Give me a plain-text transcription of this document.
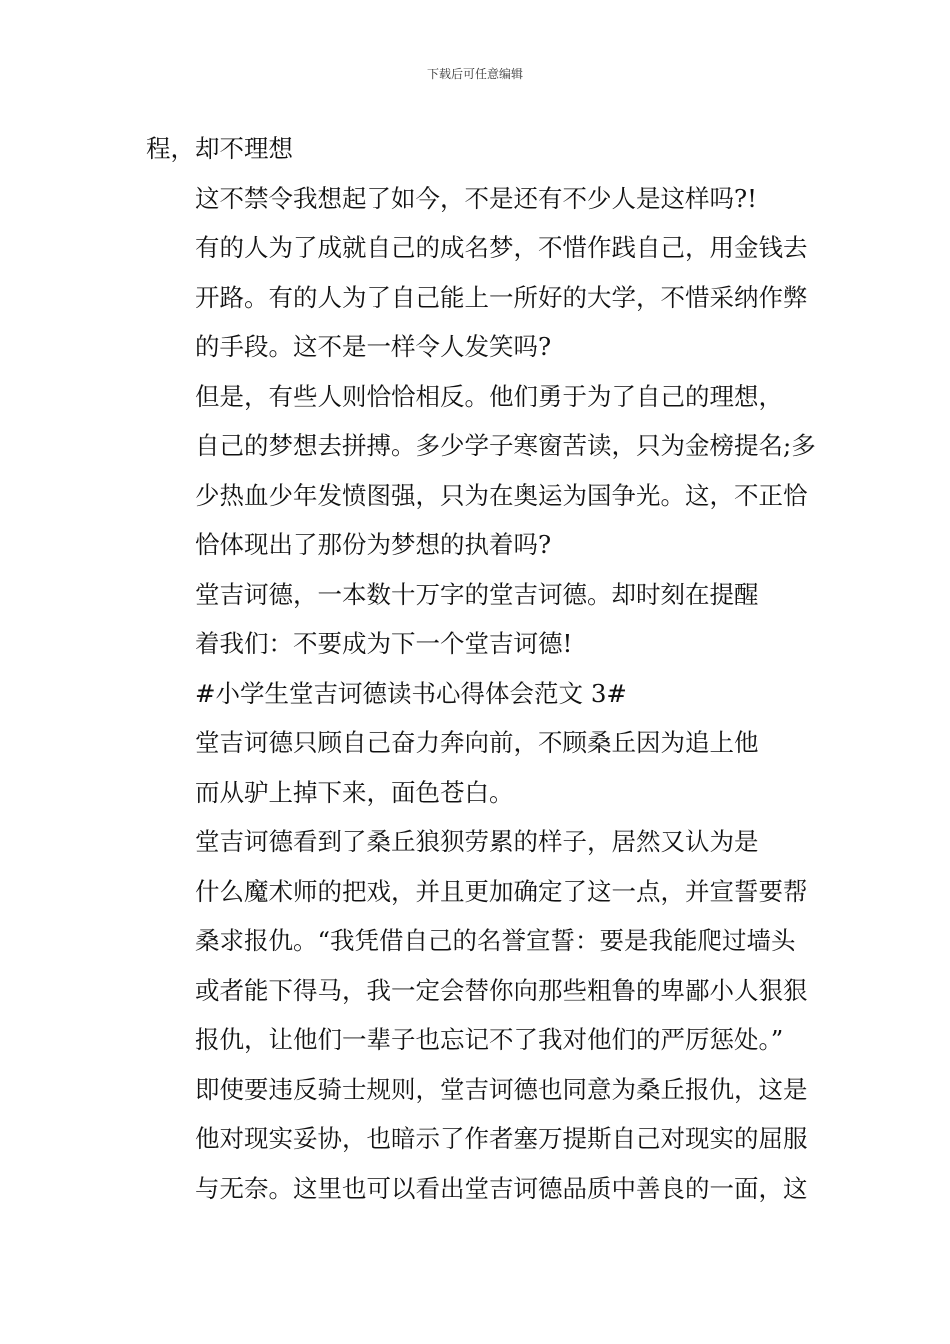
下载后可任意编辑

程，却不理想

这不禁令我想起了如今，不是还有不少人是这样吗?!
有的人为了成就自己的成名梦，不惜作践自己，用金钱去
开路。有的人为了自己能上一所好的大学，不惜采纳作弊
的手段。这不是一样令人发笑吗?

但是，有些人则恰恰相反。他们勇于为了自己的理想，
自己的梦想去拼搏。多少学子寒窗苦读，只为金榜提名;多
少热血少年发愤图强，只为在奥运为国争光。这，不正恰
恰体现出了那份为梦想的执着吗?

堂吉诃德，一本数十万字的堂吉诃德。却时刻在提醒
着我们：不要成为下一个堂吉诃德!

#小学生堂吉诃德读书心得体会范文 3#

堂吉诃德只顾自己奋力奔向前，不顾桑丘因为追上他
而从驴上掉下来，面色苍白。

堂吉诃德看到了桑丘狼狈劳累的样子，居然又认为是
什么魔术师的把戏，并且更加确定了这一点，并宣誓要帮
桑求报仇。“我凭借自己的名誉宣誓：要是我能爬过墙头
或者能下得马，我一定会替你向那些粗鲁的卑鄙小人狠狠
报仇，让他们一辈子也忘记不了我对他们的严厉惩处。”
即使要违反骑士规则，堂吉诃德也同意为桑丘报仇，这是
他对现实妥协，也暗示了作者塞万提斯自己对现实的屈服
与无奈。这里也可以看出堂吉诃德品质中善良的一面，这
